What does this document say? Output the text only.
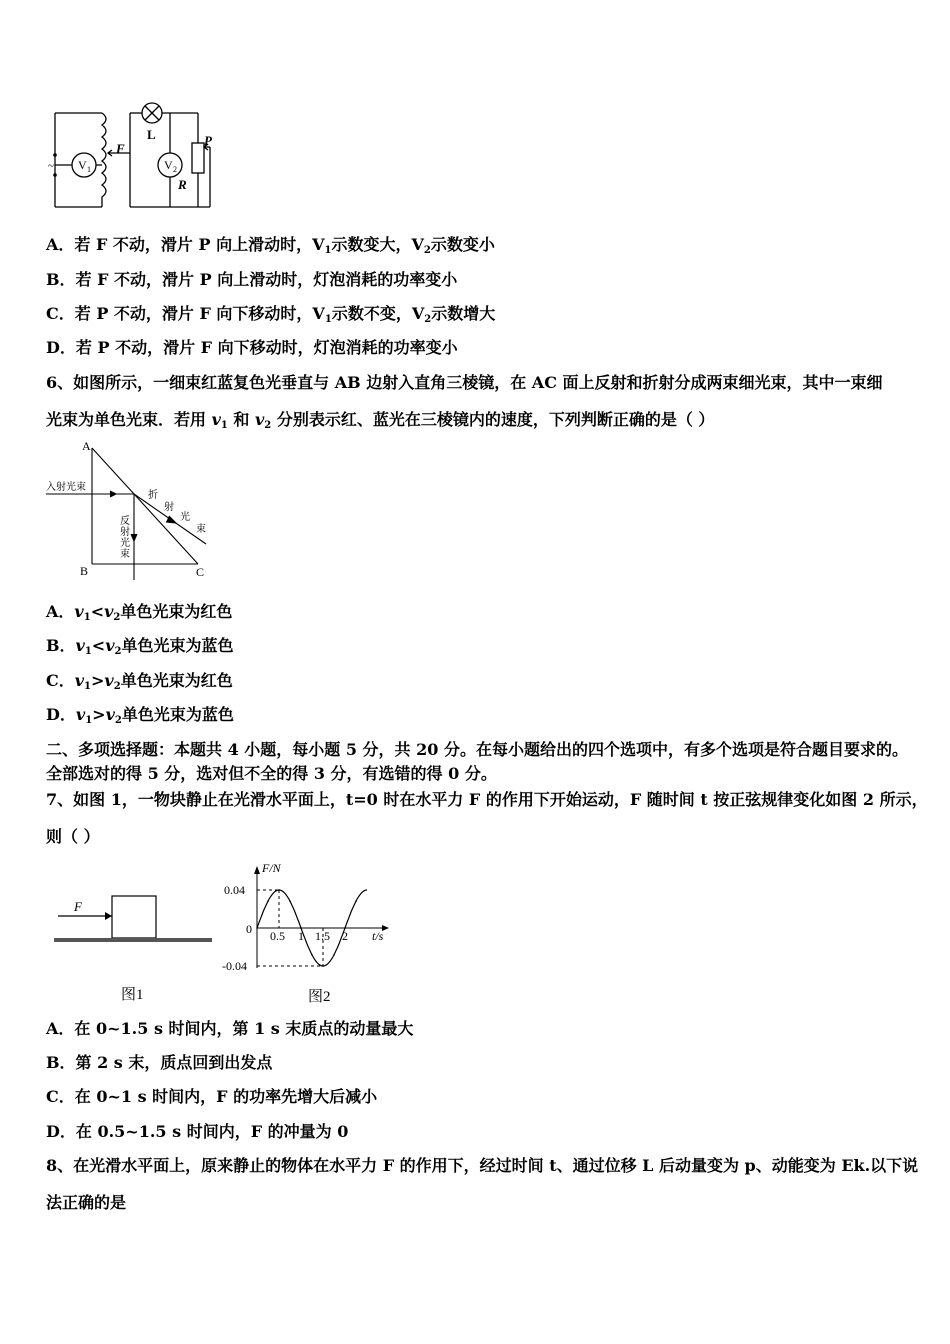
~ V 1	V 2
L
F
P
R
A．若 F 不动，滑片 P 向上滑动时，$V_1$示数变大，$V_2$示数变小
B．若 F 不动，滑片 P 向上滑动时，灯泡消耗的功率变小
C．若 P 不动，滑片 F 向下移动时，$V_1$示数不变，$V_2$示数增大
D．若 P 不动，滑片 F 向下移动时，灯泡消耗的功率变小
6、如图所示，一细束红蓝复色光垂直与 AB 边射入直角三棱镜，在 AC 面上反射和折射分成两束细光束，其中一束细
光束为单色光束．若用 $v_1$ 和 $v_2$ 分别表示红、蓝光在三棱镜内的速度，下列判断正确的是（ ）
A
B	C
入射光束
反
射
光
束
折
射
光
束
A．$v_1<v_2$单色光束为红色
B．$v_1<v_2$单色光束为蓝色
C．$v_1>v_2$单色光束为红色
D．$v_1>v_2$单色光束为蓝色
二、多项选择题：本题共 4 小题，每小题 5 分，共 20 分。在每小题给出的四个选项中，有多个选项是符合题目要求的。
全部选对的得 5 分，选对但不全的得 3 分，有选错的得 0 分。
7、如图 1，一物块静止在光滑水平面上，t=0 时在水平力 F 的作用下开始运动，F 随时间 t 按正弦规律变化如图 2 所示，
则（ ）
F
图1
F/N
t/s
0
0.04
-0.04
0.5 1 1.5 2
图2
A．在 0~1.5 s 时间内，第 1 s 末质点的动量最大
B．第 2 s 末，质点回到出发点
C．在 0~1 s 时间内，F 的功率先增大后减小
D．在 0.5~1.5 s 时间内，F 的冲量为 0
8、在光滑水平面上，原来静止的物体在水平力 F 的作用下，经过时间 t、通过位移 L 后动量变为 p、动能变为 Ek.以下说
法正确的是
